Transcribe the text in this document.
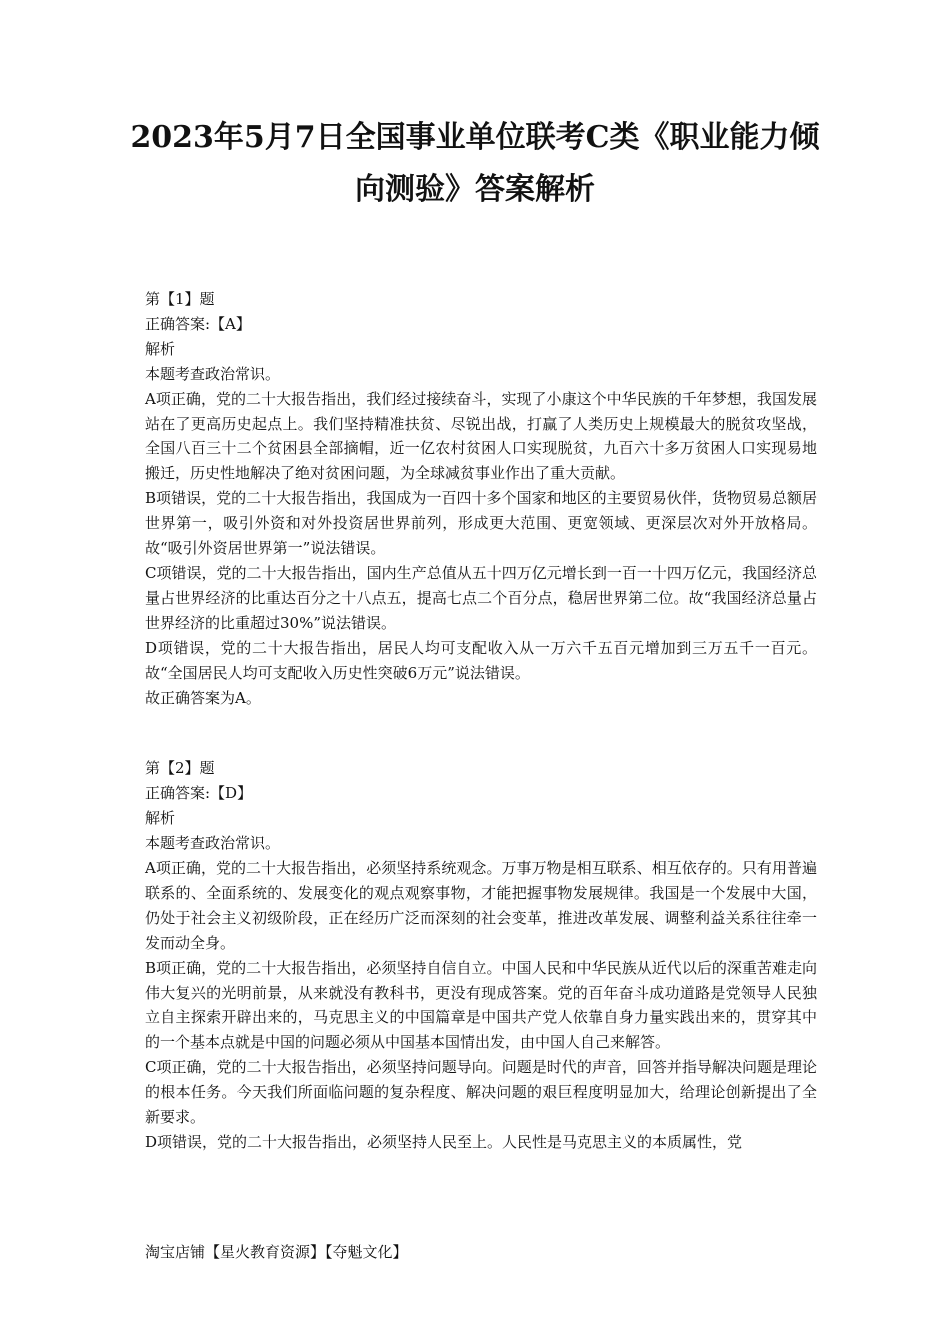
2023年5月7日全国事业单位联考C类《职业能力倾
向测验》答案解析
第【1】题
正确答案:【A】
解析
本题考查政治常识。
A项正确，党的二十大报告指出，我们经过接续奋斗，实现了小康这个中华民族的千年梦想，我国发展站在了更高历史起点上。我们坚持精准扶贫、尽锐出战，打赢了人类历史上规模最大的脱贫攻坚战，全国八百三十二个贫困县全部摘帽，近一亿农村贫困人口实现脱贫，九百六十多万贫困人口实现易地搬迁，历史性地解决了绝对贫困问题，为全球减贫事业作出了重大贡献。
B项错误，党的二十大报告指出，我国成为一百四十多个国家和地区的主要贸易伙伴，货物贸易总额居世界第一，吸引外资和对外投资居世界前列，形成更大范围、更宽领域、更深层次对外开放格局。故“吸引外资居世界第一”说法错误。
C项错误，党的二十大报告指出，国内生产总值从五十四万亿元增长到一百一十四万亿元，我国经济总量占世界经济的比重达百分之十八点五，提高七点二个百分点，稳居世界第二位。故“我国经济总量占世界经济的比重超过30%”说法错误。
D项错误，党的二十大报告指出，居民人均可支配收入从一万六千五百元增加到三万五千一百元。故“全国居民人均可支配收入历史性突破6万元”说法错误。
故正确答案为A。
第【2】题
正确答案:【D】
解析
本题考查政治常识。
A项正确，党的二十大报告指出，必须坚持系统观念。万事万物是相互联系、相互依存的。只有用普遍联系的、全面系统的、发展变化的观点观察事物，才能把握事物发展规律。我国是一个发展中大国，仍处于社会主义初级阶段，正在经历广泛而深刻的社会变革，推进改革发展、调整利益关系往往牵一发而动全身。
B项正确，党的二十大报告指出，必须坚持自信自立。中国人民和中华民族从近代以后的深重苦难走向伟大复兴的光明前景，从来就没有教科书，更没有现成答案。党的百年奋斗成功道路是党领导人民独立自主探索开辟出来的，马克思主义的中国篇章是中国共产党人依靠自身力量实践出来的，贯穿其中的一个基本点就是中国的问题必须从中国基本国情出发，由中国人自己来解答。
C项正确，党的二十大报告指出，必须坚持问题导向。问题是时代的声音，回答并指导解决问题是理论的根本任务。今天我们所面临问题的复杂程度、解决问题的艰巨程度明显加大，给理论创新提出了全新要求。
D项错误，党的二十大报告指出，必须坚持人民至上。人民性是马克思主义的本质属性，党
淘宝店铺【星火教育资源】【夺魁文化】
